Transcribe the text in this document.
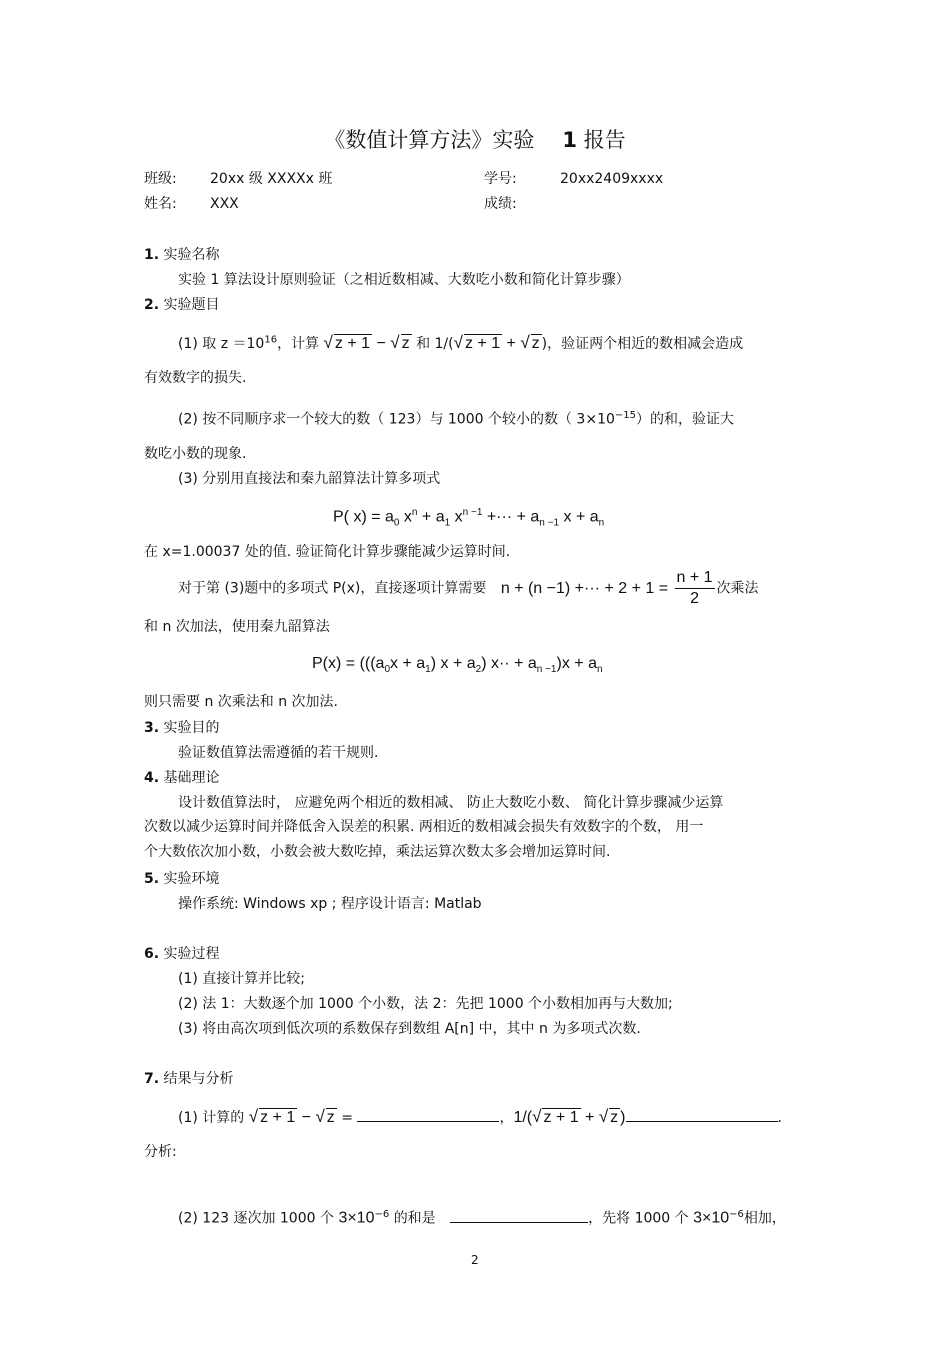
《数值计算方法》实验 1 报告
班级: 20xx 级 XXXXx 班	学号:	20xx2409xxxx
姓名: XXX	成绩:
1. 实验名称
实验 1 算法设计原则验证（之相近数相减、大数吃小数和简化计算步骤）
2. 实验题目
(1) 取 $z =10^{16}$，计算 √ z + 1 − √ z 和 1/(√ z + 1 + √ z )，验证两个相近的数相减会造成
有效数字的损失.
(2) 按不同顺序求一个较大的数（ 123）与 1000 个较小的数（ $3\times 10^{-15}$）的和，验证大
数吃小数的现象.
(3) 分别用直接法和秦九韶算法计算多项式
P( $x) = a_0$ $x^n + a_1$ $x^{n -1}$ +··· + $a_{n -1}$ $x + a_n$
在 x=1.00037 处的值. 验证简化计算步骤能减少运算时间.
对于第 (3)题中的多项式 P(x)，直接逐项计算需要 n + (n −1) +··· + $2 + 1 = \frac{n + 1}{2}$ 次乘法
和 n 次加法，使用秦九韶算法
$P(x) = (((a_0x + a_1) x + a_2) x\cdot\cdot + a_{n -1})x + a_n$
则只需要 n 次乘法和 n 次加法.
3. 实验目的
验证数值算法需遵循的若干规则.
4. 基础理论
设计数值算法时， 应避免两个相近的数相减、 防止大数吃小数、 简化计算步骤减少运算
次数以减少运算时间并降低舍入误差的积累. 两相近的数相减会损失有效数字的个数， 用一
个大数依次加小数，小数会被大数吃掉，乘法运算次数太多会增加运算时间.
5. 实验环境
操作系统: Windows xp ; 程序设计语言: Matlab
6. 实验过程
(1) 直接计算并比较;
(2) 法 1：大数逐个加 1000 个小数，法 2：先把 1000 个小数相加再与大数加;
(3) 将由高次项到低次项的系数保存到数组 A[n] 中，其中 n 为多项式次数.
7. 结果与分析
(1) 计算的 √ z + 1 − √ z =	，1/(√ z + 1 + √ z )	.
分析:
(2) 123 逐次加 1000 个 $3\times 10^{-6}$ 的和是	，先将 1000 个 $3\times 10^{-6}$相加，
2
